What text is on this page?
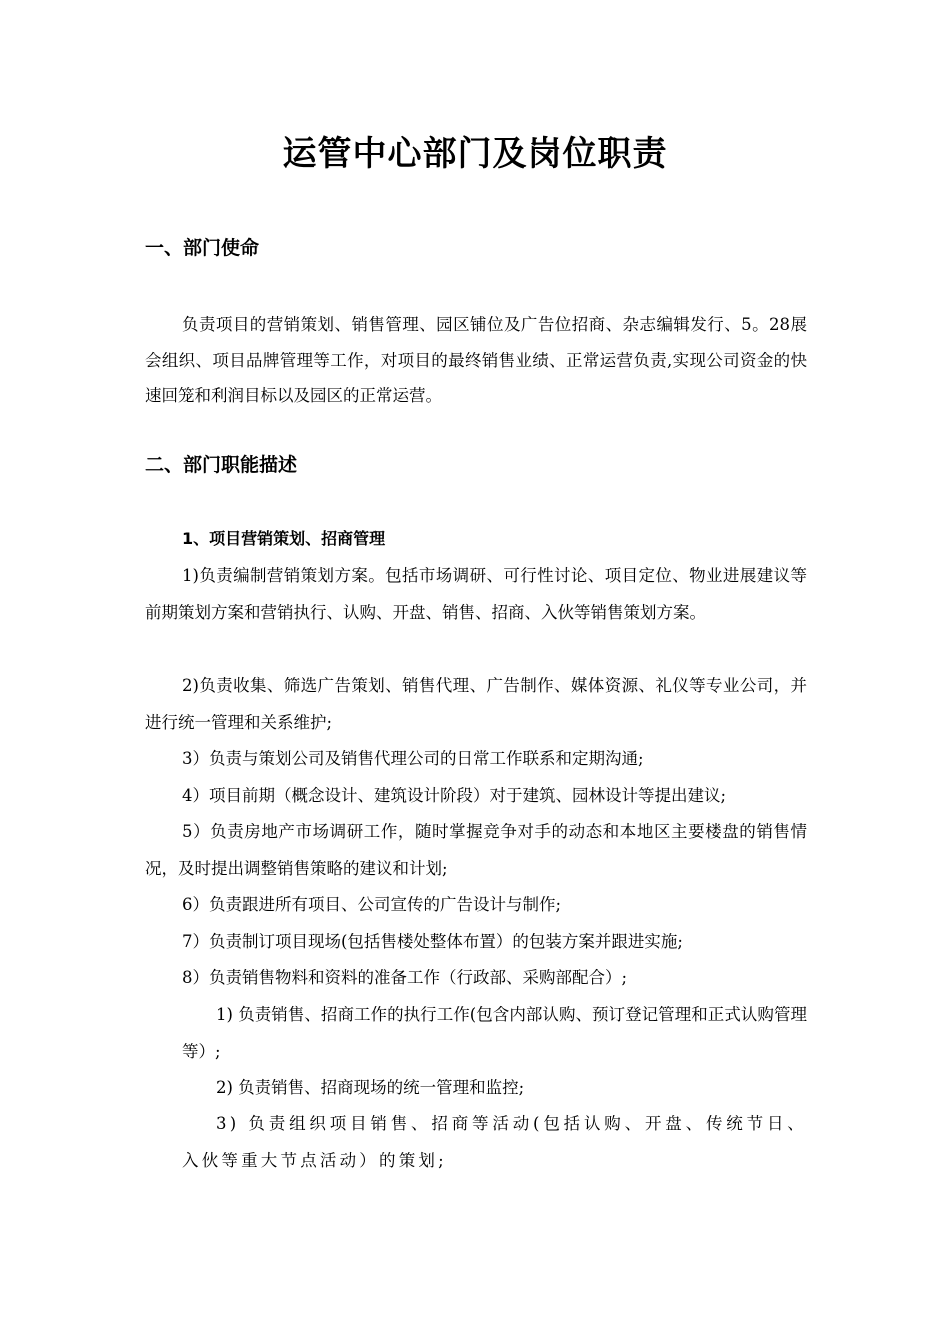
运管中心部门及岗位职责
一、部门使命

负责项目的营销策划、销售管理、园区铺位及广告位招商、杂志编辑发行、5。28展会组织、项目品牌管理等工作，对项目的最终销售业绩、正常运营负责,实现公司资金的快速回笼和利润目标以及园区的正常运营。

二、部门职能描述
1、项目营销策划、招商管理

1)负责编制营销策划方案。包括市场调研、可行性讨论、项目定位、物业进展建议等前期策划方案和营销执行、认购、开盘、销售、招商、入伙等销售策划方案。

2)负责收集、筛选广告策划、销售代理、广告制作、媒体资源、礼仪等专业公司，并进行统一管理和关系维护;

3）负责与策划公司及销售代理公司的日常工作联系和定期沟通;

4）项目前期（概念设计、建筑设计阶段）对于建筑、园林设计等提出建议;

5）负责房地产市场调研工作，随时掌握竞争对手的动态和本地区主要楼盘的销售情况，及时提出调整销售策略的建议和计划;

6）负责跟进所有项目、公司宣传的广告设计与制作;

7）负责制订项目现场(包括售楼处整体布置）的包装方案并跟进实施;

8）负责销售物料和资料的准备工作（行政部、采购部配合）;

1) 负责销售、招商工作的执行工作(包含内部认购、预订登记管理和正式认购管理等）;

2) 负责销售、招商现场的统一管理和监控;

3) 负责组织项目销售、招商等活动(包括认购、开盘、传统节日、入伙等重大节点活动）的策划;
